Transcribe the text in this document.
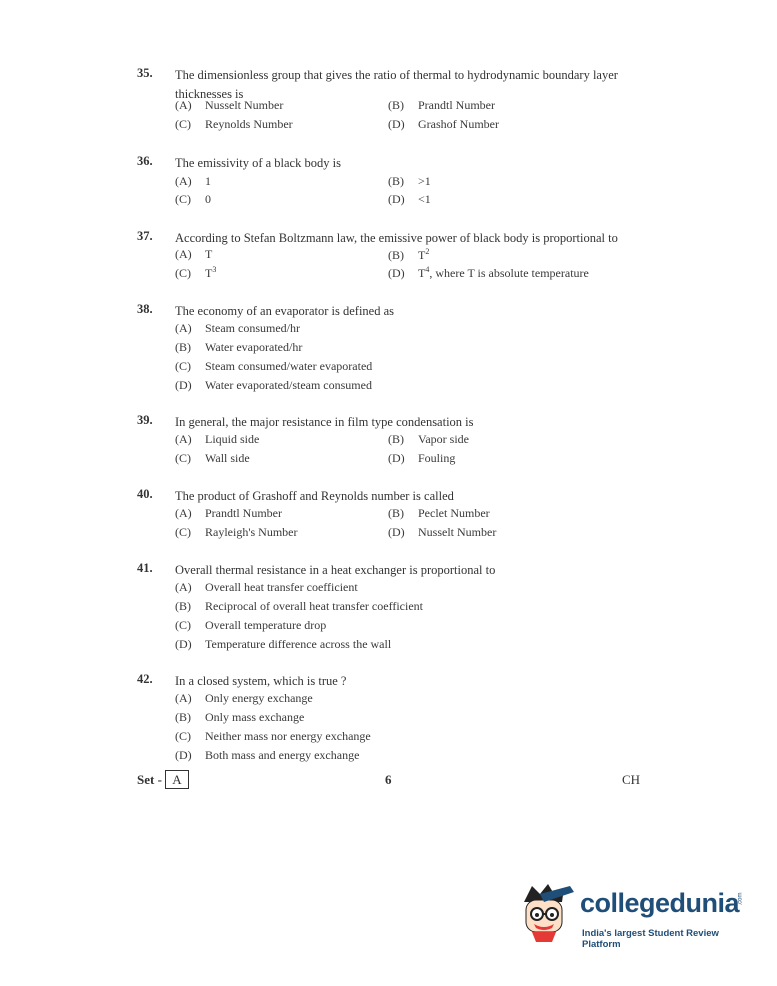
35. The dimensionless group that gives the ratio of thermal to hydrodynamic boundary layer thicknesses is
(A) Nusselt Number	(B) Prandtl Number
(C) Reynolds Number	(D) Grashof Number
36. The emissivity of a black body is
(A) 1	(B) >1
(C) 0	(D) <1
37. According to Stefan Boltzmann law, the emissive power of black body is proportional to
(A) T	(B) $T^2$
(C) $T^3$	(D) $T^4$, where T is absolute temperature
38. The economy of an evaporator is defined as
(A) Steam consumed/hr
(B) Water evaporated/hr
(C) Steam consumed/water evaporated
(D) Water evaporated/steam consumed
39. In general, the major resistance in film type condensation is
(A) Liquid side	(B) Vapor side
(C) Wall side	(D) Fouling
40. The product of Grashoff and Reynolds number is called
(A) Prandtl Number	(B) Peclet Number
(C) Rayleigh's Number	(D) Nusselt Number
41. Overall thermal resistance in a heat exchanger is proportional to
(A) Overall heat transfer coefficient
(B) Reciprocal of overall heat transfer coefficient
(C) Overall temperature drop
(D) Temperature difference across the wall
42. In a closed system, which is true ?
(A) Only energy exchange
(B) Only mass exchange
(C) Neither mass nor energy exchange
(D) Both mass and energy exchange
Set - A	6	CH
collegedunia
.com
India's largest Student Review Platform
